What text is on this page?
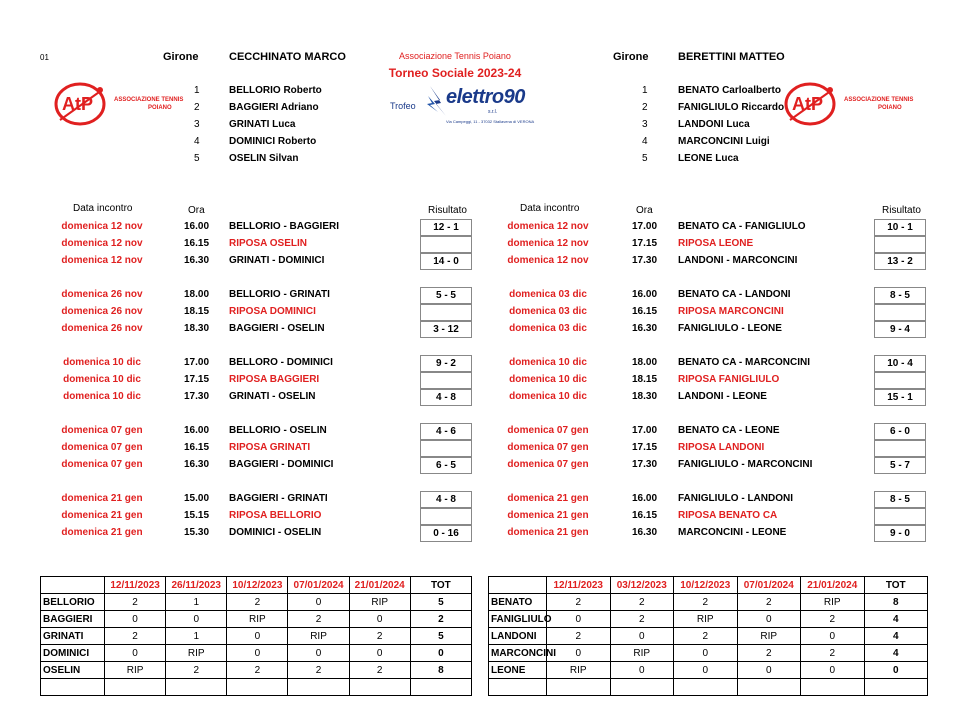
01	Girone	CECCHINATO MARCO
1	BELLORIO Roberto
2	BAGGIERI Adriano
3	GRINATI Luca
4	DOMINICI Roberto
5	OSELIN Silvan
Girone	BERETTINI MATTEO
1	BENATO Carloalberto
2	FANIGLIULO Riccardo
3	LANDONI Luca
4	MARCONCINI Luigi
5	LEONE Luca
Associazione Tennis Poiano
Torneo Sociale 2023-24
Trofeo elettro90
s.r.l.
Via Campeggi, 11 - 37032 Stallavena di VERONA
AtP	ASSOCIAZIONE TENNIS
POIANO	AtP	ASSOCIAZIONE TENNIS
POIANO
Data incontro	Ora	Risultato	Data incontro	Ora	Risultato
domenica 12 nov	16.00 BELLORIO - BAGGIERI	12 - 1
domenica 12 nov	16.15 RIPOSA OSELIN
domenica 12 nov	16.30 GRINATI - DOMINICI	14 - 0
domenica 26 nov	18.00 BELLORIO - GRINATI	5 - 5
domenica 26 nov	18.15 RIPOSA DOMINICI
domenica 26 nov	18.30 BAGGIERI - OSELIN	3 - 12
domenica 10 dic	17.00 BELLORO - DOMINICI	9 - 2
domenica 10 dic	17.15 RIPOSA BAGGIERI
domenica 10 dic	17.30 GRINATI - OSELIN	4 - 8
domenica 07 gen	16.00 BELLORIO - OSELIN	4 - 6
domenica 07 gen	16.15 RIPOSA GRINATI
domenica 07 gen	16.30 BAGGIERI - DOMINICI	6 - 5
domenica 21 gen	15.00 BAGGIERI - GRINATI	4 - 8
domenica 21 gen	15.15 RIPOSA BELLORIO
domenica 21 gen	15.30 DOMINICI - OSELIN	0 - 16
domenica 12 nov	17.00 BENATO CA - FANIGLIULO	10 - 1
domenica 12 nov	17.15 RIPOSA LEONE
domenica 12 nov	17.30 LANDONI - MARCONCINI	13 - 2
domenica 03 dic	16.00 BENATO CA - LANDONI	8 - 5
domenica 03 dic	16.15 RIPOSA MARCONCINI
domenica 03 dic	16.30 FANIGLIULO - LEONE	9 - 4
domenica 10 dic	18.00 BENATO CA - MARCONCINI	10 - 4
domenica 10 dic	18.15 RIPOSA FANIGLIULO
domenica 10 dic	18.30 LANDONI - LEONE	15 - 1
domenica 07 gen	17.00 BENATO CA - LEONE	6 - 0
domenica 07 gen	17.15 RIPOSA LANDONI
domenica 07 gen	17.30 FANIGLIULO - MARCONCINI	5 - 7
domenica 21 gen	16.00 FANIGLIULO - LANDONI	8 - 5
domenica 21 gen	16.15 RIPOSA BENATO CA
domenica 21 gen	16.30 MARCONCINI - LEONE	9 - 0
	12/11/2023	26/11/2023	10/12/2023	07/01/2024	21/01/2024	TOT
BELLORIO	2	1	2	0	RIP	5
BAGGIERI	0	0	RIP	2	0	2
GRINATI	2	1	0	RIP	2	5
DOMINICI	0	RIP	0	0	0	0
OSELIN	RIP	2	2	2	2	8

	12/11/2023	03/12/2023	10/12/2023	07/01/2024	21/01/2024	TOT
BENATO	2	2	2	2	RIP	8
FANIGLIULO	0	2	RIP	0	2	4
LANDONI	2	0	2	RIP	0	4
MARCONCINI	0	RIP	0	2	2	4
LEONE	RIP	0	0	0	0	0
